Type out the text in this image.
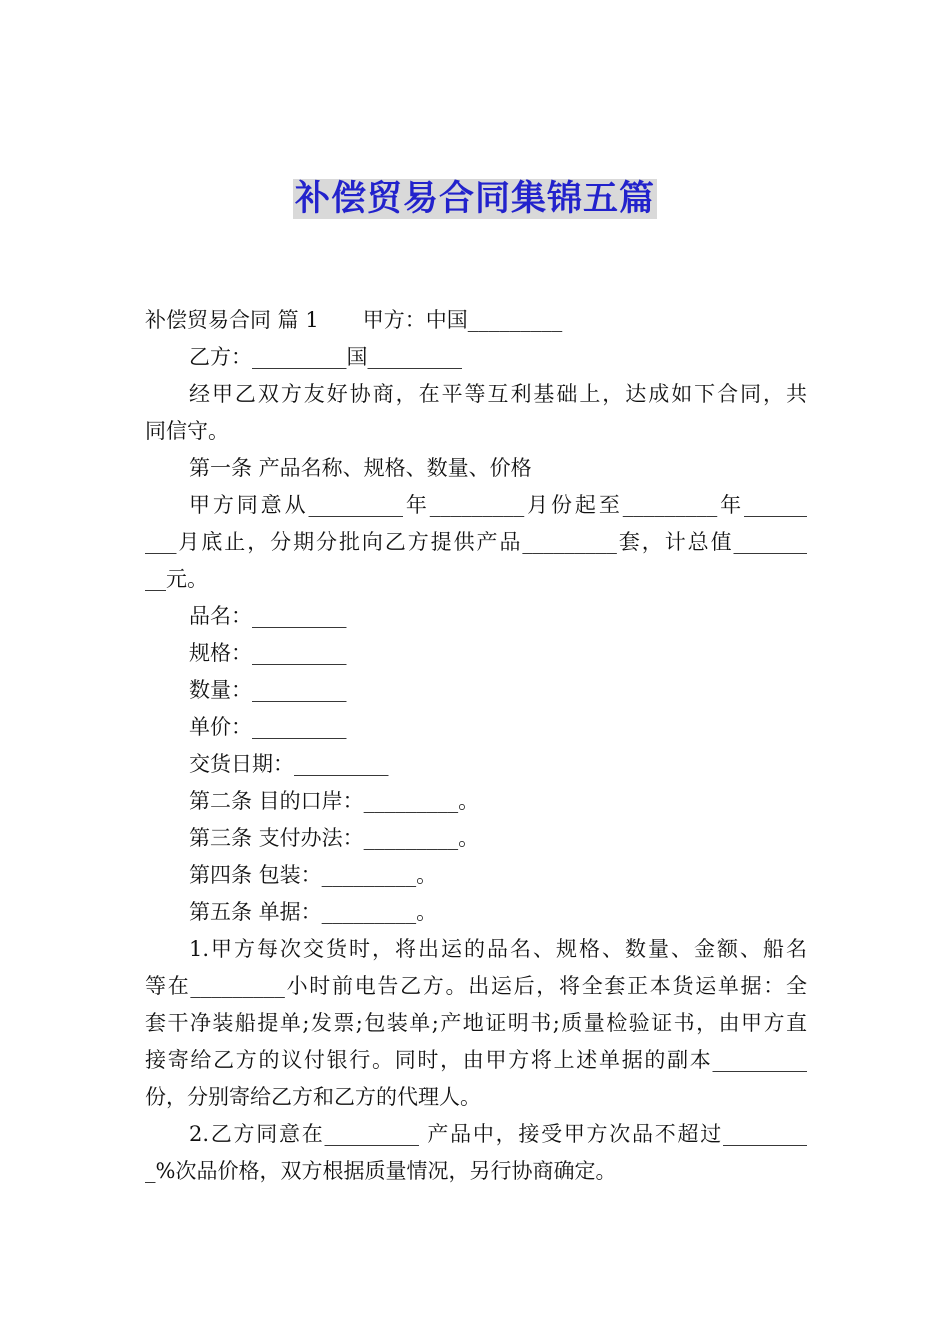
补偿贸易合同集锦五篇
补偿贸易合同 篇 1 甲方：中国_________
乙方：_________国_________
经甲乙双方友好协商，在平等互利基础上，达成如下合同，共
同信守。
第一条 产品名称、规格、数量、价格
甲方同意从_________年_________月份起至_________年______
___月底止，分期分批向乙方提供产品_________套，计总值_______
__元。
品名：_________
规格：_________
数量：_________
单价：_________
交货日期：_________
第二条 目的口岸：_________。
第三条 支付办法：_________。
第四条 包装：_________。
第五条 单据：_________。
1.甲方每次交货时，将出运的品名、规格、数量、金额、船名
等在_________小时前电告乙方。出运后，将全套正本货运单据：全
套干净装船提单;发票;包装单;产地证明书;质量检验证书，由甲方直
接寄给乙方的议付银行。同时，由甲方将上述单据的副本_________
份，分别寄给乙方和乙方的代理人。
2.乙方同意在_________ 产品中，接受甲方次品不超过________
_%次品价格，双方根据质量情况，另行协商确定。
